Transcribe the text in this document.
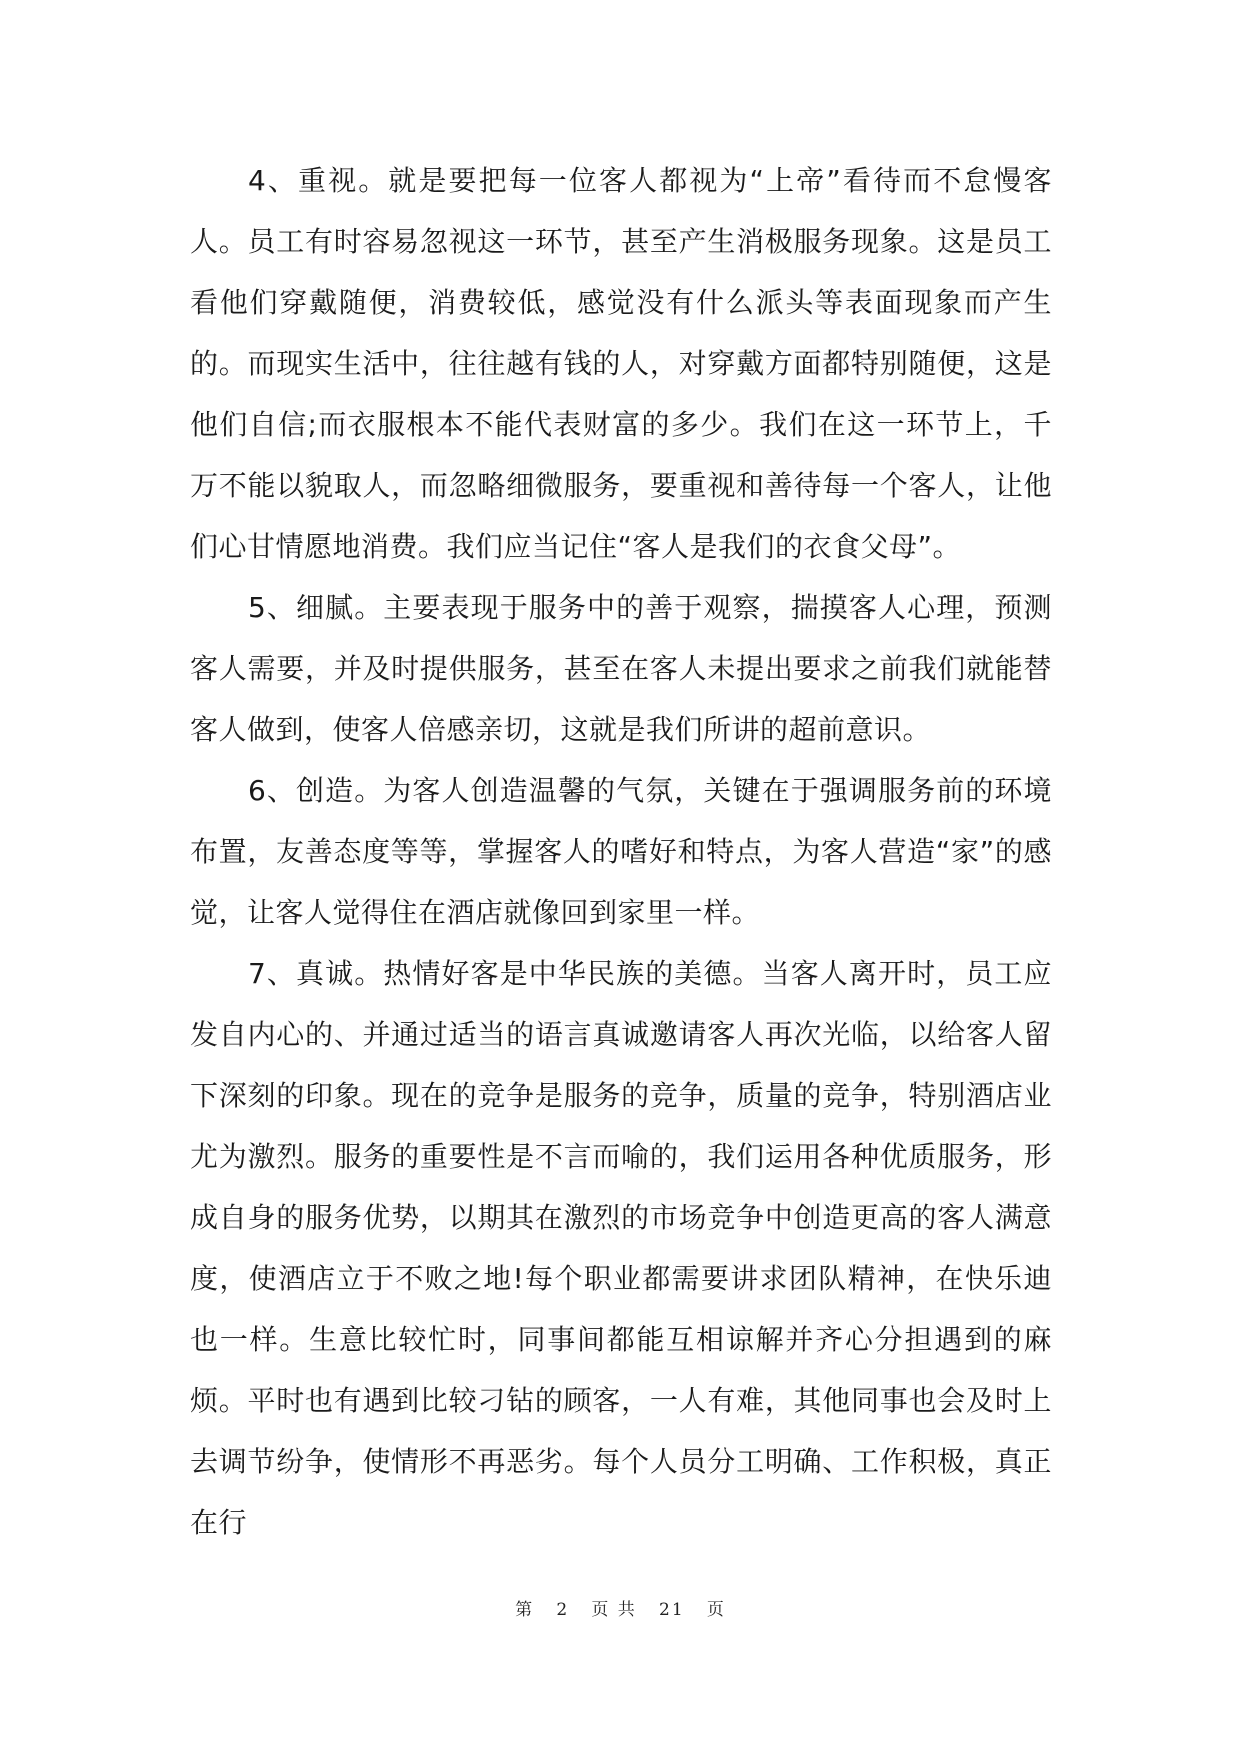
4、重视。就是要把每一位客人都视为“上帝”看待而不怠慢客人。员工有时容易忽视这一环节，甚至产生消极服务现象。这是员工看他们穿戴随便，消费较低，感觉没有什么派头等表面现象而产生的。而现实生活中，往往越有钱的人，对穿戴方面都特别随便，这是他们自信;而衣服根本不能代表财富的多少。我们在这一环节上，千万不能以貌取人，而忽略细微服务，要重视和善待每一个客人，让他们心甘情愿地消费。我们应当记住“客人是我们的衣食父母”。

5、细腻。主要表现于服务中的善于观察，揣摸客人心理，预测客人需要，并及时提供服务，甚至在客人未提出要求之前我们就能替客人做到，使客人倍感亲切，这就是我们所讲的超前意识。

6、创造。为客人创造温馨的气氛，关键在于强调服务前的环境布置，友善态度等等，掌握客人的嗜好和特点，为客人营造“家”的感觉，让客人觉得住在酒店就像回到家里一样。

7、真诚。热情好客是中华民族的美德。当客人离开时，员工应发自内心的、并通过适当的语言真诚邀请客人再次光临，以给客人留下深刻的印象。现在的竞争是服务的竞争，质量的竞争，特别酒店业尤为激烈。服务的重要性是不言而喻的，我们运用各种优质服务，形成自身的服务优势，以期其在激烈的市场竞争中创造更高的客人满意度，使酒店立于不败之地!每个职业都需要讲求团队精神，在快乐迪也一样。生意比较忙时，同事间都能互相谅解并齐心分担遇到的麻烦。平时也有遇到比较刁钻的顾客，一人有难，其他同事也会及时上去调节纷争，使情形不再恶劣。每个人员分工明确、工作积极，真正在行

第 2 页 共 21 页
